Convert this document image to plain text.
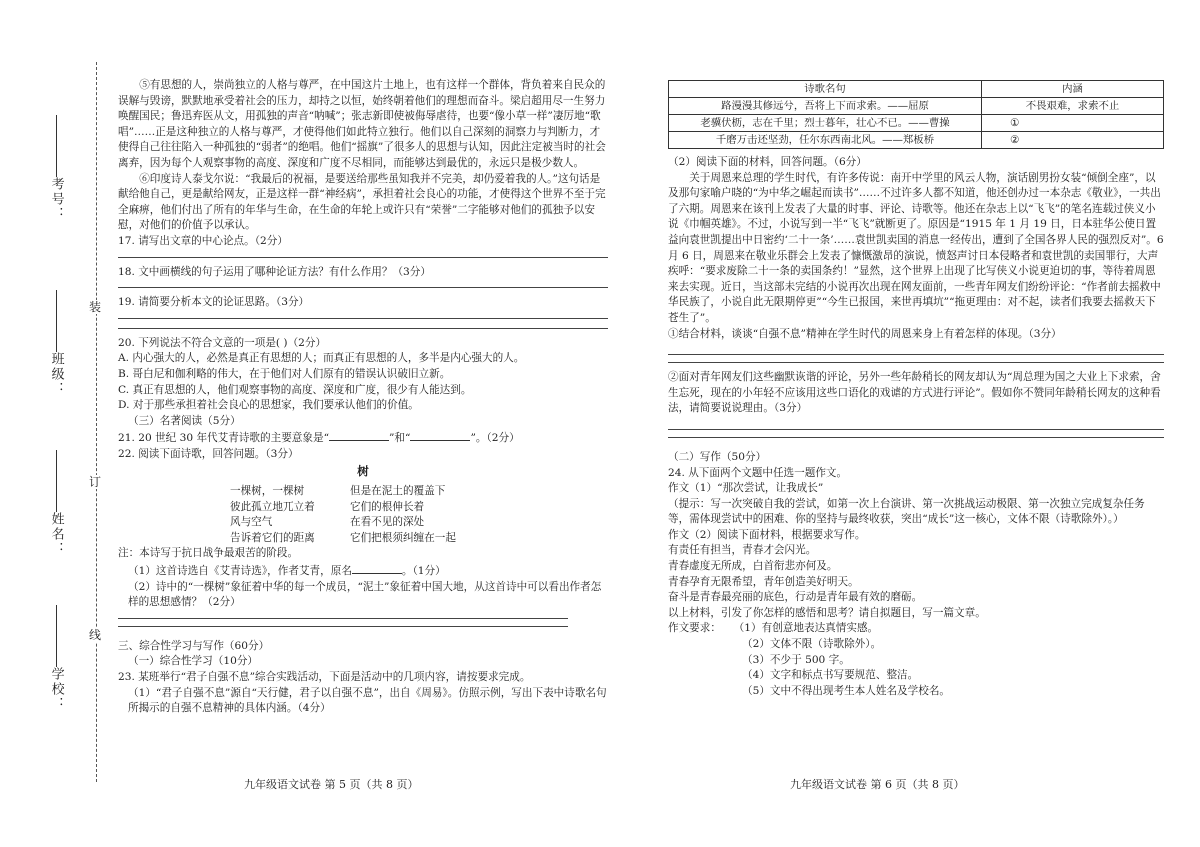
装
订
线
考号：
班级：
姓名：
学校：

⑤有思想的人，崇尚独立的人格与尊严，在中国这片土地上，也有这样一个群体，背负着来自民众的误解与毁谤，默默地承受着社会的压力，却持之以恒，始终朝着他们的理想而奋斗。梁启超用尽一生努力唤醒国民；鲁迅弃医从文，用孤独的声音“呐喊”；张志新即使被侮辱虐待，也要“像小草一样”凄厉地“歌唱”……正是这种独立的人格与尊严，才使得他们如此特立独行。他们以自己深刻的洞察力与判断力，才使得自己往往陷入一种孤独的“弱者”的绝唱。他们“摇旗”了很多人的思想与认知，因此注定被当时的社会离弃，因为每个人观察事物的高度、深度和广度不尽相同，而能够达到最优的，永远只是极少数人。

⑥印度诗人泰戈尔说：“我最后的祝福，是要送给那些虽知我并不完美，却仍爱着我的人。”这句话是献给他自己，更是献给网友，正是这样一群“神经病”，承担着社会良心的功能，才使得这个世界不至于完全麻痹，他们付出了所有的年华与生命，在生命的年轮上或许只有“荣誉”二字能够对他们的孤独予以安慰，对他们的价值予以承认。

17. 请写出文章的中心论点。（2分）

18. 文中画横线的句子运用了哪种论证方法？有什么作用？（3分）

19. 请简要分析本文的论证思路。（3分）

20. 下列说法不符合文意的一项是( )（2分）

A. 内心强大的人，必然是真正有思想的人；而真正有思想的人，多半是内心强大的人。

B. 哥白尼和伽利略的伟大，在于他们对人们原有的错误认识破旧立新。

C. 真正有思想的人，他们观察事物的高度、深度和广度，很少有人能达到。

D. 对于那些承担着社会良心的思想家，我们要承认他们的价值。

（三）名著阅读（5分）

21. 20 世纪 30 年代艾青诗歌的主要意象是“	”和“	”。（2分）

22. 阅读下面诗歌，回答问题。（3分）

树
一棵树，一棵树	但是在泥土的覆盖下
彼此孤立地兀立着	它们的根伸长着
风与空气	在看不见的深处
告诉着它们的距离	它们把根须纠缠在一起

注：本诗写于抗日战争最艰苦的阶段。

（1）这首诗选自《艾青诗选》，作者艾青，原名	。（1分）

（2）诗中的“一棵树”象征着中华的每一个成员，“泥土”象征着中国大地，从这首诗中可以看出作者怎样的思想感情？（2分）

三、综合性学习与写作（60分）

（一）综合性学习（10分）

23. 某班举行“君子自强不息”综合实践活动，下面是活动中的几项内容，请按要求完成。

（1）“君子自强不息”源自“天行健，君子以自强不息”，出自《周易》。仿照示例，写出下表中诗歌名句所揭示的自强不息精神的具体内涵。（4分）

九年级语文试卷 第 5 页（共 8 页）
诗歌名句	内涵
路漫漫其修远兮，吾将上下而求索。——屈原	不畏艰难，求索不止
老骥伏枥，志在千里；烈士暮年，壮心不已。——曹操	①
千磨万击还坚劲，任尔东西南北风。——郑板桥	②

（2）阅读下面的材料，回答问题。（6分）

关于周恩来总理的学生时代，有许多传说：南开中学里的风云人物，演话剧男扮女装“倾倒全座”，以及那句家喻户晓的“为中华之崛起而读书”……不过许多人都不知道，他还创办过一本杂志《敬业》，一共出了六期。周恩来在该刊上发表了大量的时事、评论、诗歌等。他还在杂志上以“飞飞”的笔名连载过侠义小说《巾帼英雄》。不过，小说写到一半“飞飞”就断更了。原因是“1915 年 1 月 19 日，日本驻华公使日置益向袁世凯提出中日密约‘二十一条’……袁世凯卖国的消息一经传出，遭到了全国各界人民的强烈反对”。6 月 6 日，周恩来在敬业乐群会上发表了慷慨激昂的演说，愤怒声讨日本侵略者和袁世凯的卖国罪行，大声疾呼：“要求废除二十一条的卖国条约！”显然，这个世界上出现了比写侠义小说更迫切的事，等待着周恩来去实现。近日，当这部未完结的小说再次出现在网友面前，一些青年网友们纷纷评论：“作者前去摇救中华民族了，小说自此无限期停更”“今生已报国，来世再填坑”“拖更理由：对不起，读者们我要去摇救天下苍生了”。

①结合材料，谈谈“自强不息”精神在学生时代的周恩来身上有着怎样的体现。（3分）

②面对青年网友们这些幽默诙谐的评论，另外一些年龄稍长的网友却认为“周总理为国之大业上下求索，舍生忘死，现在的小年轻不应该用这些口语化的戏谑的方式进行评论”。假如你不赞同年龄稍长网友的这种看法，请简要说说理由。（3分）

（二）写作（50分）

24. 从下面两个文题中任选一题作文。

作文（1）“那次尝试，让我成长”

（提示：写一次突破自我的尝试，如第一次上台演讲、第一次挑战运动极限、第一次独立完成复杂任务等，需体现尝试中的困难、你的坚持与最终收获，突出“成长”这一核心，文体不限（诗歌除外）。）

作文（2）阅读下面材料，根据要求写作。

有责任有担当，青春才会闪光。

青春虚度无所成，白首衔悲亦何及。

青春孕育无限希望，青年创造美好明天。

奋斗是青春最亮丽的底色，行动是青年最有效的磨砺。

以上材料，引发了你怎样的感悟和思考？请自拟题目，写一篇文章。

作文要求： （1）有创意地表达真情实感。

（2）文体不限（诗歌除外）。

（3）不少于 500 字。

（4）文字和标点书写要规范、整洁。

（5）文中不得出现考生本人姓名及学校名。

九年级语文试卷 第 6 页（共 8 页）
